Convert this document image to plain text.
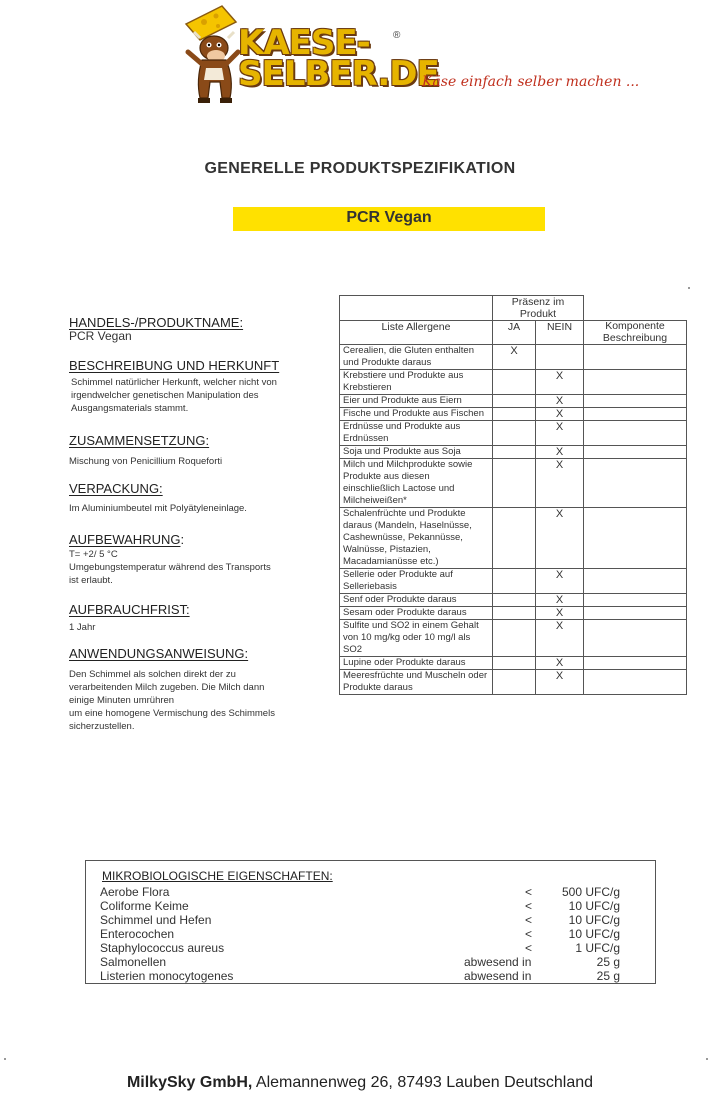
KAESE-
SELBER.DE
®
Käse einfach selber machen ...
GENERELLE PRODUKTSPEZIFIKATION
PCR Vegan
HANDELS-/PRODUKTNAME:
PCR Vegan
BESCHREIBUNG UND HERKUNFT
Schimmel natürlicher Herkunft, welcher nicht von
irgendwelcher genetischen Manipulation des
Ausgangsmaterials stammt.
ZUSAMMENSETZUNG:
Mischung von Penicillium Roqueforti
VERPACKUNG:
Im Aluminiumbeutel mit Polyätyleneinlage.
AUFBEWAHRUNG:
T= +2/ 5 °C
Umgebungstemperatur während des Transports
ist erlaubt.
AUFBRAUCHFRIST:
1 Jahr
ANWENDUNGSANWEISUNG:
Den Schimmel als solchen direkt der zu
verarbeitenden Milch zugeben. Die Milch dann
einige Minuten umrühren
um eine homogene Vermischung des Schimmels
sicherzustellen.
	Präsenz im Produkt		
Liste Allergene	JA	NEIN	Komponente Beschreibung
Cerealien, die Gluten enthalten und Produkte daraus	X		
Krebstiere und Produkte aus Krebstieren		X	
Eier und Produkte aus Eiern		X	
Fische und Produkte aus Fischen		X	
Erdnüsse und Produkte aus Erdnüssen		X	
Soja und Produkte aus Soja		X	
Milch und Milchprodukte sowie Produkte aus diesen einschließlich Lactose und Milcheiweißen*		X	
Schalenfrüchte und Produkte daraus (Mandeln, Haselnüsse, Cashewnüsse, Pekannüsse, Walnüsse, Pistazien, Macadamianüsse etc.)		X	
Sellerie oder Produkte auf Selleriebasis		X	
Senf oder Produkte daraus		X	
Sesam oder Produkte daraus		X	
Sulfite und SO2 in einem Gehalt von 10 mg/kg oder 10 mg/l als SO2		X	
Lupine oder Produkte daraus		X	
Meeresfrüchte und Muscheln oder Produkte daraus		X	
MIKROBIOLOGISCHE EIGENSCHAFTEN:
Aerobe Flora	< 500 UFC/g
Coliforme Keime	<	10 UFC/g
Schimmel und Hefen	<	10 UFC/g
Enterocochen	<	10 UFC/g
Staphylococcus aureus	<	1 UFC/g
Salmonellen	abwesend in	25 g
Listerien monocytogenes	abwesend in	25 g
MilkySky GmbH, Alemannenweg 26, 87493 Lauben Deutschland
